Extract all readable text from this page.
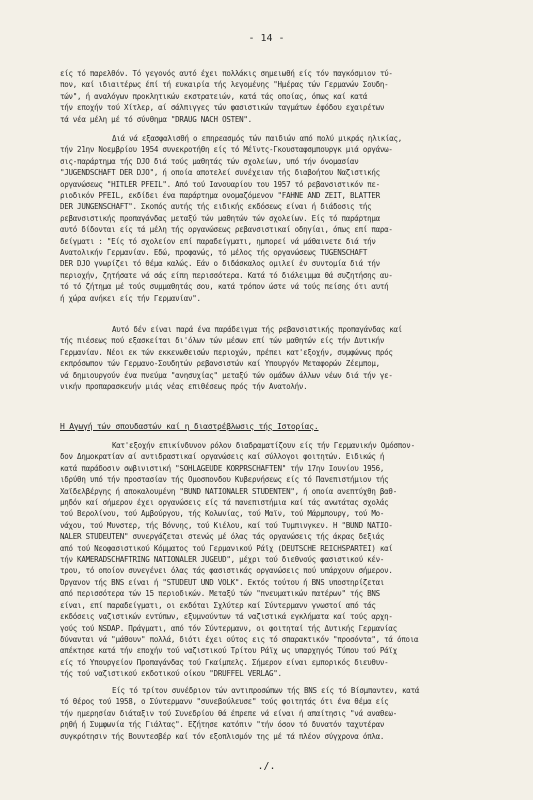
- 14 -
είς τό παρελθόν. Τό γεγονός αυτό έχει πολλάκις σημειωθή είς τόν παγκόσμιον τύ-
πον, καί ιδιαιτέρως έπί τή ευκαιρία τής λεγομένης "Ημέρας τών Γερμανών Σουδη-
τών", ή αναλόγων προκλητικών εκστρατειών, κατά τάς οποίας, όπως καί κατά
τήν εποχήν τού Χίτλερ, αί σάλπιγγες τών φασιστικών ταγμάτων έφόδου εχαιρέτων
τά νέα μέλη μέ τό σύνθημα "DRAUG NACH OSTEN".
Διά νά εξασφαλισθή ο επηρεασμός τών παιδιών από πολύ μικράς ηλικίας,
τήν 21ην Νοεμβρίου 1954 συνεκροτήθη είς τό Μέϊντς-Γκουσταφσμπουργκ μιά οργάνω-
σις-παράρτημα τής DJO διά τούς μαθητάς τών σχολείων, υπό τήν όνομασίαν
"JUGENDSCHAFT DER DJO", ή οποία αποτελεί συνέχειαν τής διαβοήτου Ναζιστικής
οργανώσεως "HITLER PFEIL". Από τού Ιανουαρίου του 1957 τό ρεβανσιστικόν πε-
ριοδικόν PFEIL, εκδίδει ένα παράρτημα ονομαζόμενον "FAHNE AND ZEIT, BLATTER
DER JUNGENSCHAFT". Σκοπός αυτής τής ειδικής εκδόσεως είναι ή διάδοσις τής
ρεβανσιστικής προπαγάνδας μεταξύ τών μαθητών τών σχολείων. Είς τό παράρτημα
αυτό δίδονται είς τά μέλη τής οργανώσεως ρεβανσιστικαί οδηγίαι, όπως επί παρα-
δείγματι : "Είς τό σχολείον επί παραδείγματι, ημπορεί νά μάθαινετε διά τήν
Ανατολικήν Γερμανίαν. Εδώ, προφανώς, τό μέλος τής οργανώσεως TUGENSCHAFT
DER DJO γνωρίζει τό θέμα καλώς. Εάν ο διδάσκαλος ομιλεί έν συντομία διά τήν
περιοχήν, ζητήσατε νά σάς είπη περισσότερα. Κατά τό διάλειμμα θά συζητήσης αυ-
τό τό ζήτημα μέ τούς συμμαθητάς σου, κατά τρόπον ώστε νά τούς πείσης ότι αυτή
ή χώρα ανήκει είς τήν Γερμανίαν".
Αυτό δέν είναι παρά ένα παράδειγμα τής ρεβανσιστικής προπαγάνδας καί
τής πιέσεως πού εξασκείται δι'όλων τών μέσων επί τών μαθητών είς τήν Δυτικήν
Γερμανίαν. Νέοι εκ τών εκκενωθεισών περιοχών, πρέπει κατ'εξοχήν, συμφώνως πρός
εκπρόσωπον τών Γερμανο-Σουδητών ρεβανσιστών καί Υπουργόν Μεταφορών Ζέεμπομ,
νά δημιουργούν ένα πνεύμα "ανησυχίας" μεταξύ τών ομάδων άλλων νέων διά τήν γε-
νικήν προπαρασκευήν μιάς νέας επιθέσεως πρός τήν Ανατολήν.
Η Αγωγή τών σπουδαστών καί η διαστρέβλωσις τής Ιστορίας.
Κατ'εξοχήν επικίνδυνον ρόλον διαδραματίζουν είς τήν Γερμανικήν Ομόσπον-
δον Δημοκρατίαν αί αντιδραστικαί οργανώσεις καί σύλλογοι φοιτητών. Ειδικώς ή
κατά παράδοσιν σωβινιστική "SOHLAGEUDE KORPRSCHAFTEN" τήν 17ην Ιουνίου 1956,
ιδρύθη υπό τήν προστασίαν τής Ομοσπονδου Κυβερνήσεως είς τό Πανεπιστήμιον τής
Χαϊδελβέργης ή αποκαλουμένη "BUND NATIONALER STUDENTEN", ή οποία ανεπτύχθη βαθ-
μηδόν καί σήμερον έχει οργανώσεις είς τά πανεπιστήμια καί τάς ανωτάτας σχολάς
τού Βερολίνου, τού Αμβούργου, τής Κολωνίας, τού Μαϊν, τού Μάρμπουργ, τού Μο-
νάχου, τού Μυνστερ, τής Βόννης, τού Κιέλου, καί τού Τυμπινγκεν. Η "BUND NATIO-
NALER STUDEUTEN" συνεργάζεται στενώς μέ όλας τάς οργανώσεις τής άκρας δεξιάς
από τού Νεοφασιστικού Κόμματος τού Γερμανικού Ράϊχ (DEUTSCHE REICHSPARTEI) καί
τήν KAMERADSCHAFTRING NATIONALER JUGEUD", μέχρι τού διεθνούς φασιστικού κέν-
τρου, τό οποίον συνεγένει όλας τάς φασιστικάς οργανώσεις πού υπάρχουν σήμερον.
Όργανον τής BNS είναι ή "STUDEUT UND VOLK". Εκτός τούτου ή BNS υποστηρίζεται
από περισσότερα τών 15 περιοδικών. Μεταξύ τών "πνευματικών πατέρων" τής BNS
είναι, επί παραδείγματι, οι εκδόται Σχλύτερ καί Σύντερμανν γνωστοί από τάς
εκδόσεις ναζιστικών εντύπων, εξυμνούντων τά ναζιστικά εγκλήματα καί τούς αρχη-
γούς τού NSDAP. Πράγματι, από τόν Σύντερμανν, οι φοιτηταί τής Δυτικής Γερμανίας
δύνανται νά "μάθουν" πολλά, διότι έχει ούτος εις τό σπαρακτικόν "προσόντα", τά όποια
απέκτησε κατά τήν εποχήν τού ναζιστικού Τρίτου Ράϊχ ως υπαρχηγός Τύπου τού Ράϊχ
είς τό Υπουργείον Προπαγάνδας τού Γκαίμπελς. Σήμερον είναι εμπορικός διευθυν-
τής τού ναζιστικού εκδοτικού οίκου "DRUFFEL VERLAG".
Είς τό τρίτον συνέδριον τών αντιπροσώπων τής BNS είς τό Βίσμπαντεν, κατά
τό θέρος τού 1958, ο Σύντερμανν "συνεβούλευσε" τούς φοιτητάς ότι ένα θέμα είς
τήν ημερησίαν διάταξιν τού Συνεδρίου θά έπρεπε νά είναι ή απαίτησις "νά αναθεω-
ρηθή ή Συμφωνία τής Γιάλτας". Εζήτησε κατόπιν "τήν όσον τό δυνατόν ταχυτέραν
συγκρότησιν τής Βουντεσβέρ καί τόν εξοπλισμόν της μέ τά πλέον σύγχρονα όπλα.
./.
